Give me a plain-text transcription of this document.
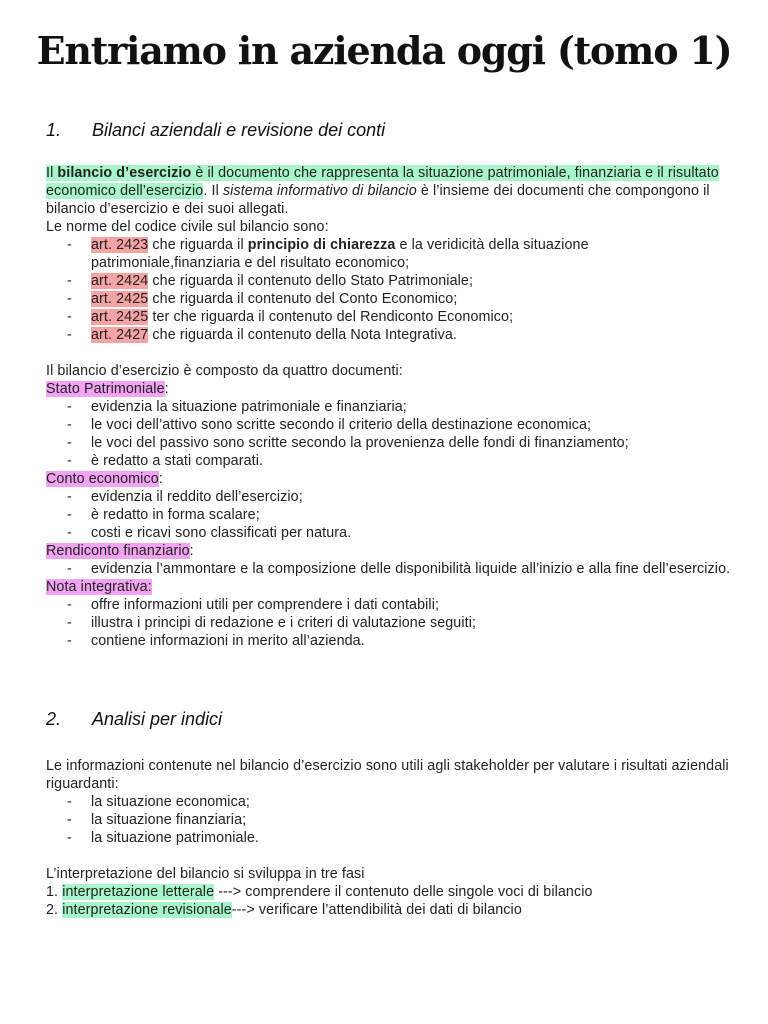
Entriamo in azienda oggi (tomo 1)
1. Bilanci aziendali e revisione dei conti

Il bilancio d’esercizio è il documento che rappresenta la situazione patrimoniale, finanziaria e il risultato economico dell’esercizio. Il sistema informativo di bilancio è l’insieme dei documenti che compongono il bilancio d’esercizio e dei suoi allegati.

Le norme del codice civile sul bilancio sono:

- art. 2423 che riguarda il principio di chiarezza e la veridicità della situazione patrimoniale,finanziaria e del risultato economico;
- art. 2424 che riguarda il contenuto dello Stato Patrimoniale;
- art. 2425 che riguarda il contenuto del Conto Economico;
- art. 2425 ter che riguarda il contenuto del Rendiconto Economico;
- art. 2427 che riguarda il contenuto della Nota Integrativa.

Il bilancio d’esercizio è composto da quattro documenti:

Stato Patrimoniale:

- evidenzia la situazione patrimoniale e finanziaria;
- le voci dell’attivo sono scritte secondo il criterio della destinazione economica;
- le voci del passivo sono scritte secondo la provenienza delle fondi di finanziamento;
- è redatto a stati comparati.

Conto economico:

- evidenzia il reddito dell’esercizio;
- è redatto in forma scalare;
- costi e ricavi sono classificati per natura.

Rendiconto finanziario:

- evidenzia l’ammontare e la composizione delle disponibilità liquide all’inizio e alla fine dell’esercizio.

Nota integrativa:

- offre informazioni utili per comprendere i dati contabili;
- illustra i principi di redazione e i criteri di valutazione seguiti;
- contiene informazioni in merito all’azienda.
2. Analisi per indici

Le informazioni contenute nel bilancio d’esercizio sono utili agli stakeholder per valutare i risultati aziendali riguardanti:

- la situazione economica;
- la situazione finanziaria;
- la situazione patrimoniale.

L’interpretazione del bilancio si sviluppa in tre fasi

1. interpretazione letterale ---> comprendere il contenuto delle singole voci di bilancio

2. interpretazione revisionale---> verificare l’attendibilità dei dati di bilancio
